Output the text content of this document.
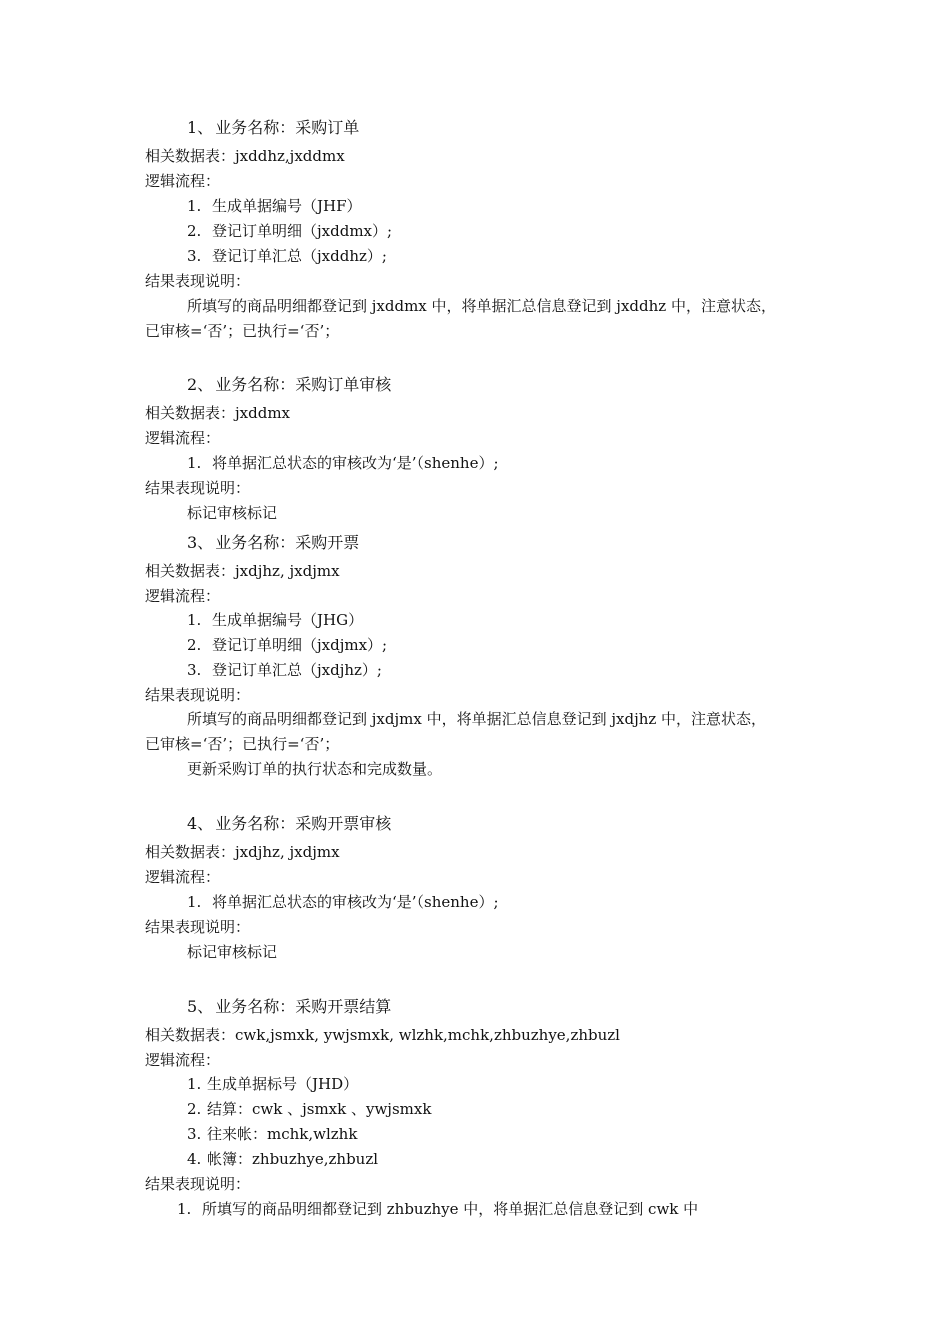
1、 业务名称：采购订单
相关数据表：jxddhz,jxddmx
逻辑流程：
1. 生成单据编号（JHF）
2. 登记订单明细（jxddmx）;
3. 登记订单汇总（jxddhz）;
结果表现说明：
所填写的商品明细都登记到 jxddmx 中，将单据汇总信息登记到 jxddhz 中，注意状态，
已审核=‘否’；已执行=‘否’；
2、 业务名称：采购订单审核
相关数据表：jxddmx
逻辑流程：
1. 将单据汇总状态的审核改为‘是’（shenhe）;
结果表现说明：
标记审核标记
3、 业务名称：采购开票
相关数据表：jxdjhz, jxdjmx
逻辑流程：
1. 生成单据编号（JHG）
2. 登记订单明细（jxdjmx）;
3. 登记订单汇总（jxdjhz）;
结果表现说明：
所填写的商品明细都登记到 jxdjmx 中，将单据汇总信息登记到 jxdjhz 中，注意状态，
已审核=‘否’；已执行=‘否’；
更新采购订单的执行状态和完成数量。
4、 业务名称：采购开票审核
相关数据表：jxdjhz, jxdjmx
逻辑流程：
1. 将单据汇总状态的审核改为‘是’（shenhe）;
结果表现说明：
标记审核标记
5、 业务名称：采购开票结算
相关数据表：cwk,jsmxk, ywjsmxk, wlzhk,mchk,zhbuzhye,zhbuzl
逻辑流程：
1. 生成单据标号（JHD）
2. 结算：cwk 、jsmxk 、ywjsmxk
3. 往来帐：mchk,wlzhk
4. 帐簿：zhbuzhye,zhbuzl
结果表现说明：
1. 所填写的商品明细都登记到 zhbuzhye 中，将单据汇总信息登记到 cwk 中
